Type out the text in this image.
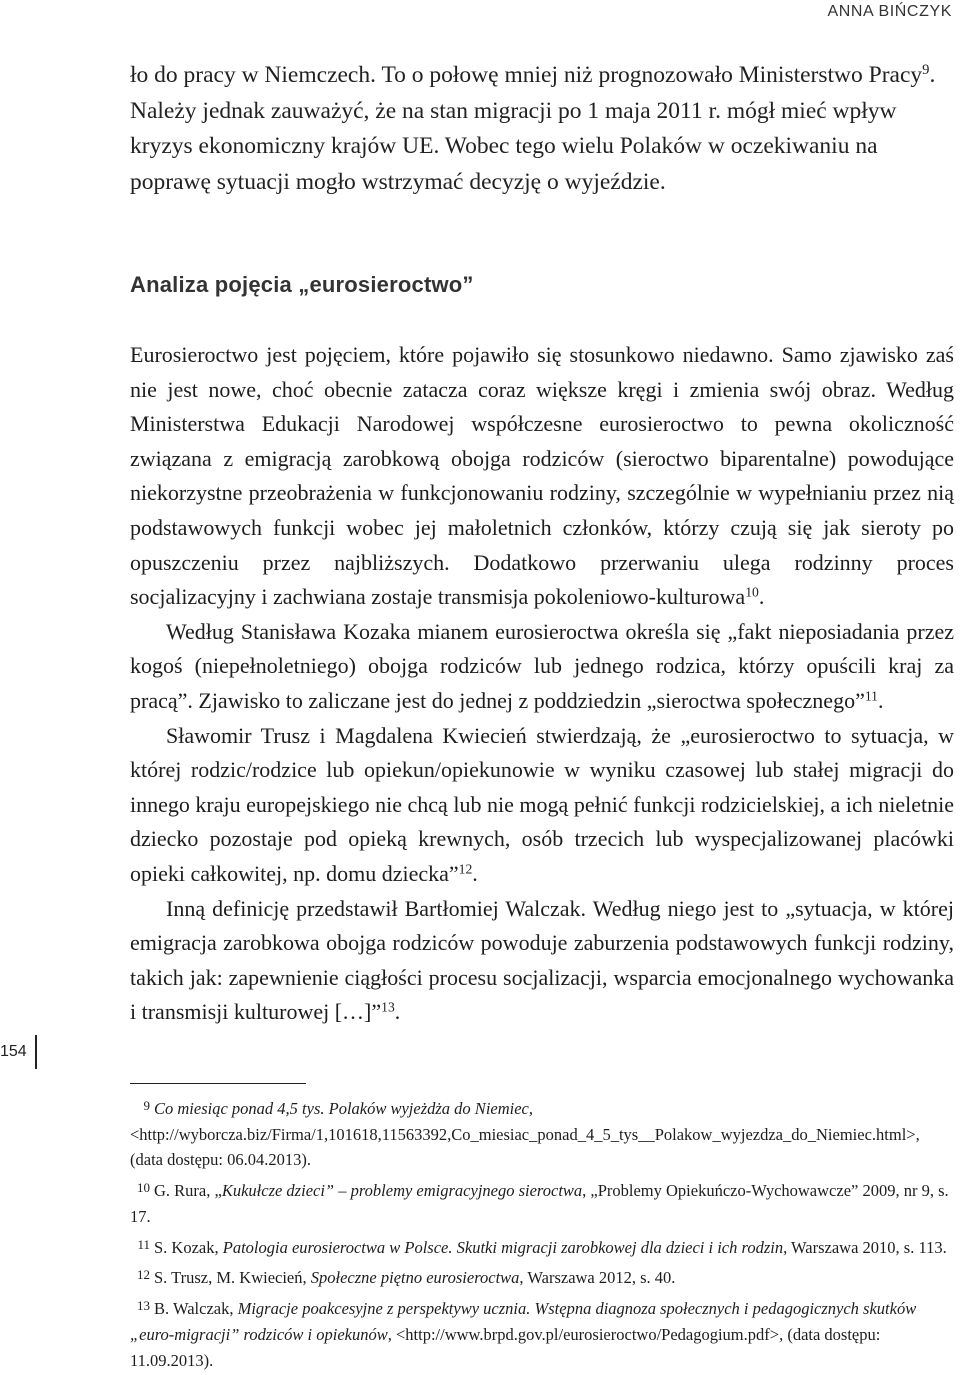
ANNA BIŃCZYK

ło do pracy w Niemczech. To o połowę mniej niż prognozowało Ministerstwo Pracy$^9$. Należy jednak zauważyć, że na stan migracji po 1 maja 2011 r. mógł mieć wpływ kryzys ekonomiczny krajów UE. Wobec tego wielu Polaków w oczekiwaniu na poprawę sytuacji mogło wstrzymać decyzję o wyjeździe.

Analiza pojęcia „eurosieroctwo”

Eurosieroctwo jest pojęciem, które pojawiło się stosunkowo niedawno. Samo zjawisko zaś nie jest nowe, choć obecnie zatacza coraz większe kręgi i zmienia swój obraz. Według Ministerstwa Edukacji Narodowej współczesne eurosieroctwo to pewna okoliczność związana z emigracją zarobkową obojga rodziców (sieroctwo biparentalne) powodujące niekorzystne przeobrażenia w funkcjonowaniu rodziny, szczególnie w wypełnianiu przez nią podstawowych funkcji wobec jej małoletnich członków, którzy czują się jak sieroty po opuszczeniu przez najbliższych. Dodatkowo przerwaniu ulega rodzinny proces socjalizacyjny i zachwiana zostaje transmisja pokoleniowo-kulturowa$^{10}$.

Według Stanisława Kozaka mianem eurosieroctwa określa się „fakt nieposiadania przez kogoś (niepełnoletniego) obojga rodziców lub jednego rodzica, którzy opuścili kraj za pracą”. Zjawisko to zaliczane jest do jednej z poddziedzin „sieroctwa społecznego”$^{11}$.

Sławomir Trusz i Magdalena Kwiecień stwierdzają, że „eurosieroctwo to sytuacja, w której rodzic/rodzice lub opiekun/opiekunowie w wyniku czasowej lub stałej migracji do innego kraju europejskiego nie chcą lub nie mogą pełnić funkcji rodzicielskiej, a ich nieletnie dziecko pozostaje pod opieką krewnych, osób trzecich lub wyspecjalizowanej placówki opieki całkowitej, np. domu dziecka”$^{12}$.

Inną definicję przedstawił Bartłomiej Walczak. Według niego jest to „sytuacja, w której emigracja zarobkowa obojga rodziców powoduje zaburzenia podstawowych funkcji rodziny, takich jak: zapewnienie ciągłości procesu socjalizacji, wsparcia emocjonalnego wychowanka i transmisji kulturowej […]”$^{13}$.

154

9 Co miesiąc ponad 4,5 tys. Polaków wyjeżdża do Niemiec, <http://wyborcza.biz/Firma/1,101618,11563392,Co_miesiac_ponad_4_5_tys__Polakow_wyjezdza_do_Niemiec.html>, (data dostępu: 06.04.2013).

10 G. Rura, „Kukułcze dzieci” – problemy emigracyjnego sieroctwa, „Problemy Opiekuńczo-Wychowawcze” 2009, nr 9, s. 17.

11 S. Kozak, Patologia eurosieroctwa w Polsce. Skutki migracji zarobkowej dla dzieci i ich rodzin, Warszawa 2010, s. 113.

12 S. Trusz, M. Kwiecień, Społeczne piętno eurosieroctwa, Warszawa 2012, s. 40.

13 B. Walczak, Migracje poakcesyjne z perspektywy ucznia. Wstępna diagnoza społecznych i pedagogicznych skutków „euro-migracji” rodziców i opiekunów, <http://www.brpd.gov.pl/eurosieroctwo/Pedagogium.pdf>, (data dostępu: 11.09.2013).
